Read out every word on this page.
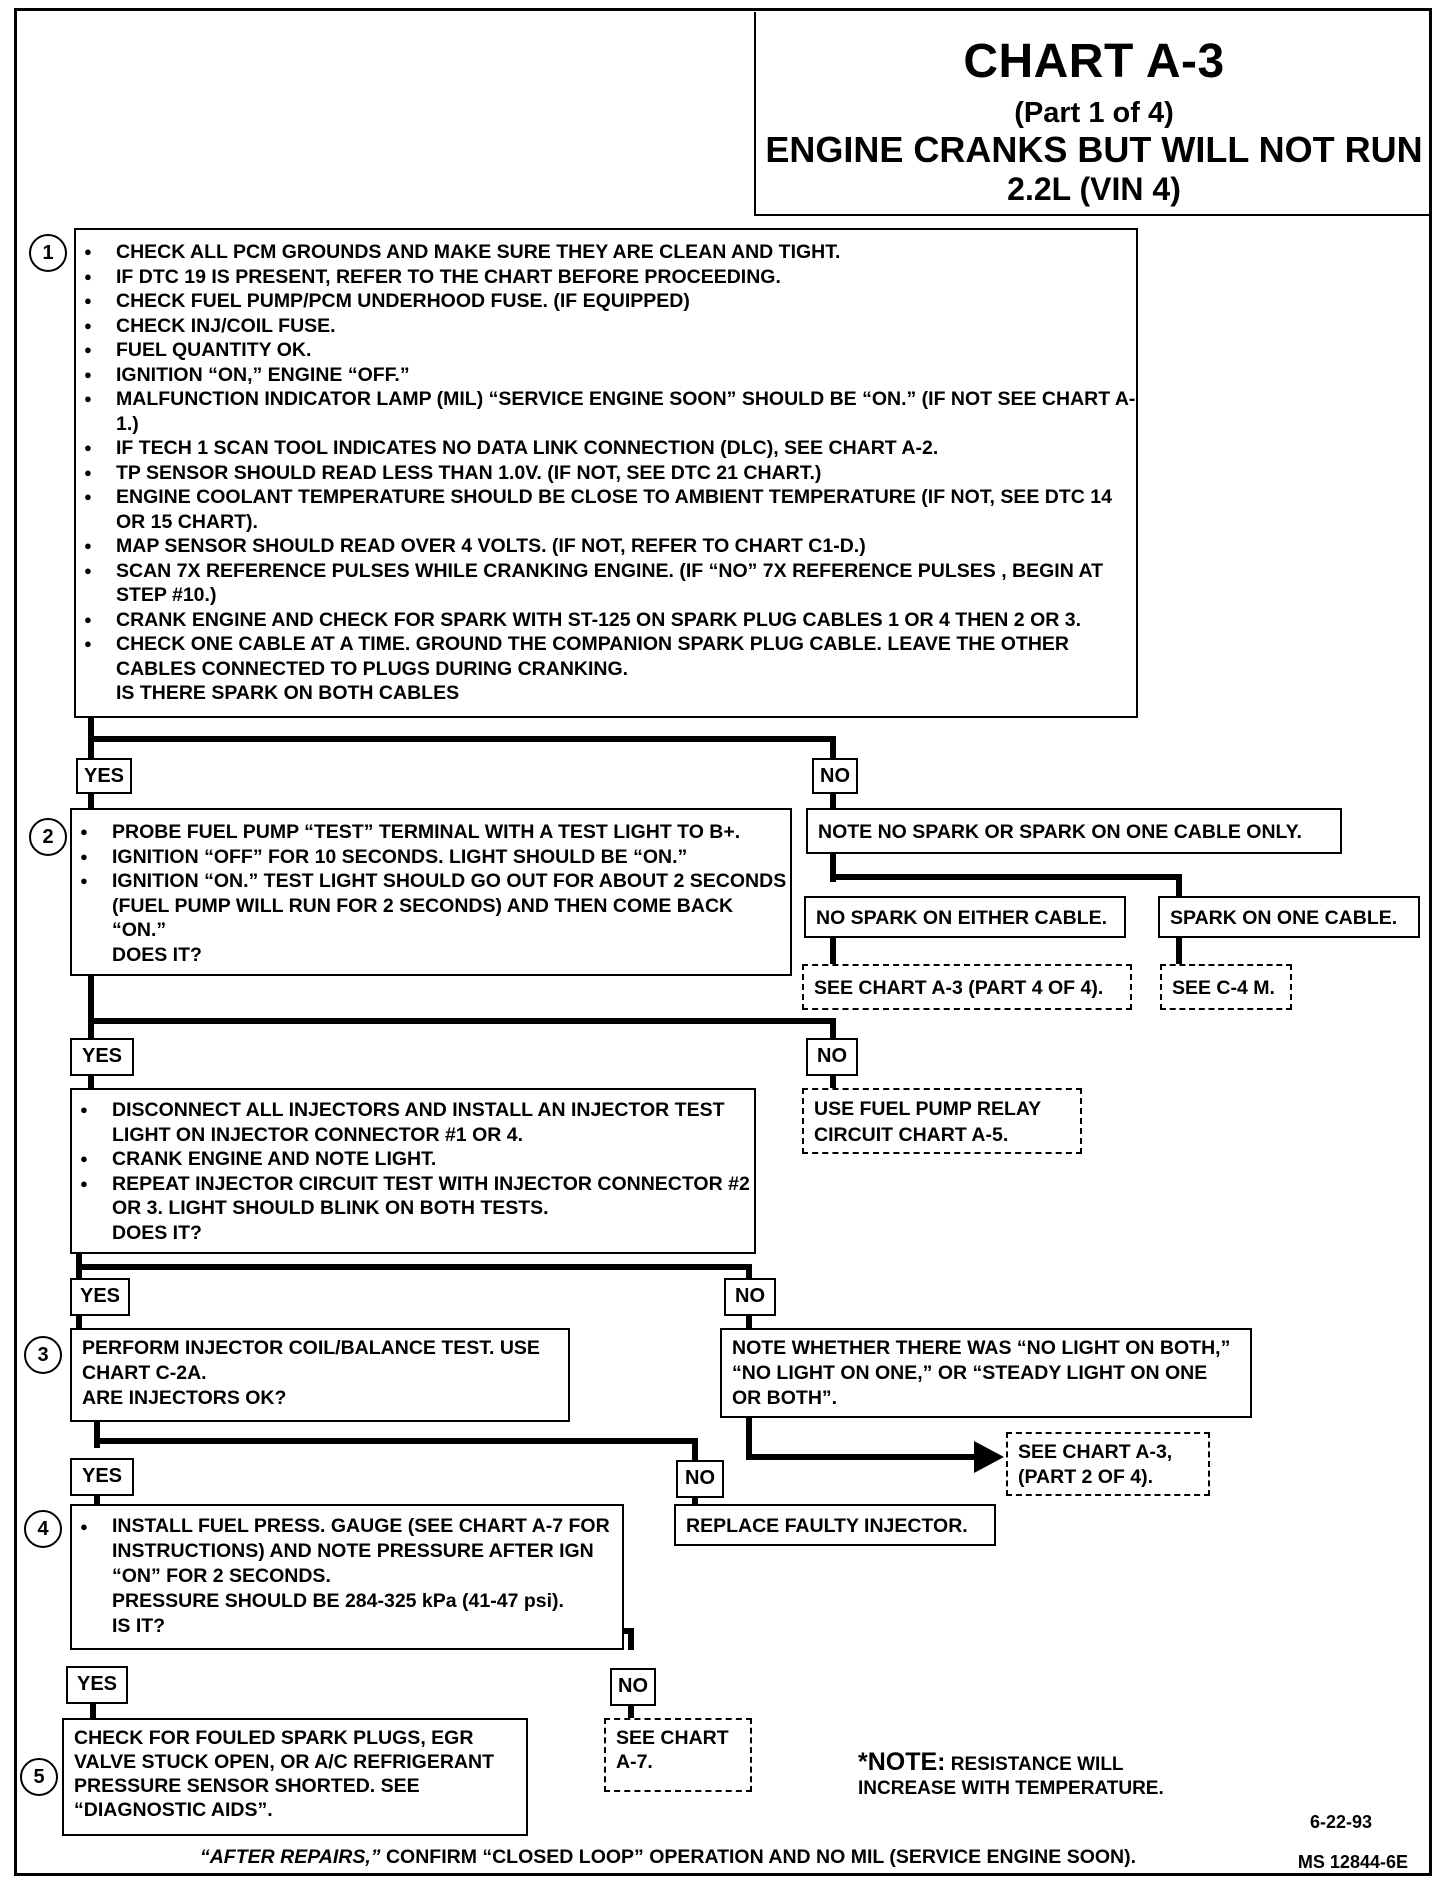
CHART A-3
(Part 1 of 4)
ENGINE CRANKS BUT WILL NOT RUN
2.2L (VIN 4)
1
2
3
4
5
● CHECK ALL PCM GROUNDS AND MAKE SURE THEY ARE CLEAN AND TIGHT.
● IF DTC 19 IS PRESENT, REFER TO THE CHART BEFORE PROCEEDING.
● CHECK FUEL PUMP/PCM UNDERHOOD FUSE. (IF EQUIPPED)
● CHECK INJ/COIL FUSE.
● FUEL QUANTITY OK.
● IGNITION “ON,” ENGINE “OFF.”
● MALFUNCTION INDICATOR LAMP (MIL) “SERVICE ENGINE SOON” SHOULD BE “ON.” (IF NOT SEE CHART A-1.)
● IF TECH 1 SCAN TOOL INDICATES NO DATA LINK CONNECTION (DLC), SEE CHART A-2.
● TP SENSOR SHOULD READ LESS THAN 1.0V. (IF NOT, SEE DTC 21 CHART.)
● ENGINE COOLANT TEMPERATURE SHOULD BE CLOSE TO AMBIENT TEMPERATURE (IF NOT, SEE DTC 14 OR 15 CHART).
● MAP SENSOR SHOULD READ OVER 4 VOLTS. (IF NOT, REFER TO CHART C1-D.)
● SCAN 7X REFERENCE PULSES WHILE CRANKING ENGINE. (IF “NO” 7X REFERENCE PULSES , BEGIN AT STEP #10.)
● CRANK ENGINE AND CHECK FOR SPARK WITH ST-125 ON SPARK PLUG CABLES 1 OR 4 THEN 2 OR 3.
● CHECK ONE CABLE AT A TIME. GROUND THE COMPANION SPARK PLUG CABLE. LEAVE THE OTHER CABLES CONNECTED TO PLUGS DURING CRANKING.
IS THERE SPARK ON BOTH CABLES
YES	NO
● PROBE FUEL PUMP “TEST” TERMINAL WITH A TEST LIGHT TO B+.
● IGNITION “OFF” FOR 10 SECONDS. LIGHT SHOULD BE “ON.”
● IGNITION “ON.” TEST LIGHT SHOULD GO OUT FOR ABOUT 2 SECONDS (FUEL PUMP WILL RUN FOR 2 SECONDS) AND THEN COME BACK “ON.”
DOES IT?
NOTE NO SPARK OR SPARK ON ONE CABLE ONLY.
NO SPARK ON EITHER CABLE.	SPARK ON ONE CABLE.
SEE CHART A-3 (PART 4 OF 4).	SEE C-4 M.
YES	NO
● DISCONNECT ALL INJECTORS AND INSTALL AN INJECTOR TEST LIGHT ON INJECTOR CONNECTOR #1 OR 4.
● CRANK ENGINE AND NOTE LIGHT.
● REPEAT INJECTOR CIRCUIT TEST WITH INJECTOR CONNECTOR #2 OR 3. LIGHT SHOULD BLINK ON BOTH TESTS.
DOES IT?
USE FUEL PUMP RELAY CIRCUIT CHART A-5.
YES	NO
PERFORM INJECTOR COIL/BALANCE TEST. USE CHART C-2A.
ARE INJECTORS OK?
NOTE WHETHER THERE WAS “NO LIGHT ON BOTH,” “NO LIGHT ON ONE,” OR “STEADY LIGHT ON ONE OR BOTH”.
SEE CHART A-3, (PART 2 OF 4).
YES	NO
● INSTALL FUEL PRESS. GAUGE (SEE CHART A-7 FOR INSTRUCTIONS) AND NOTE PRESSURE AFTER IGN “ON” FOR 2 SECONDS.
PRESSURE SHOULD BE 284-325 kPa (41-47 psi).
IS IT?
REPLACE FAULTY INJECTOR.
YES	NO
CHECK FOR FOULED SPARK PLUGS, EGR VALVE STUCK OPEN, OR A/C REFRIGERANT PRESSURE SENSOR SHORTED. SEE “DIAGNOSTIC AIDS”.
SEE CHART A-7.	*NOTE: RESISTANCE WILL
INCREASE WITH TEMPERATURE.
6-22-93
MS 12844-6E
“AFTER REPAIRS,” CONFIRM “CLOSED LOOP” OPERATION AND NO MIL (SERVICE ENGINE SOON).
